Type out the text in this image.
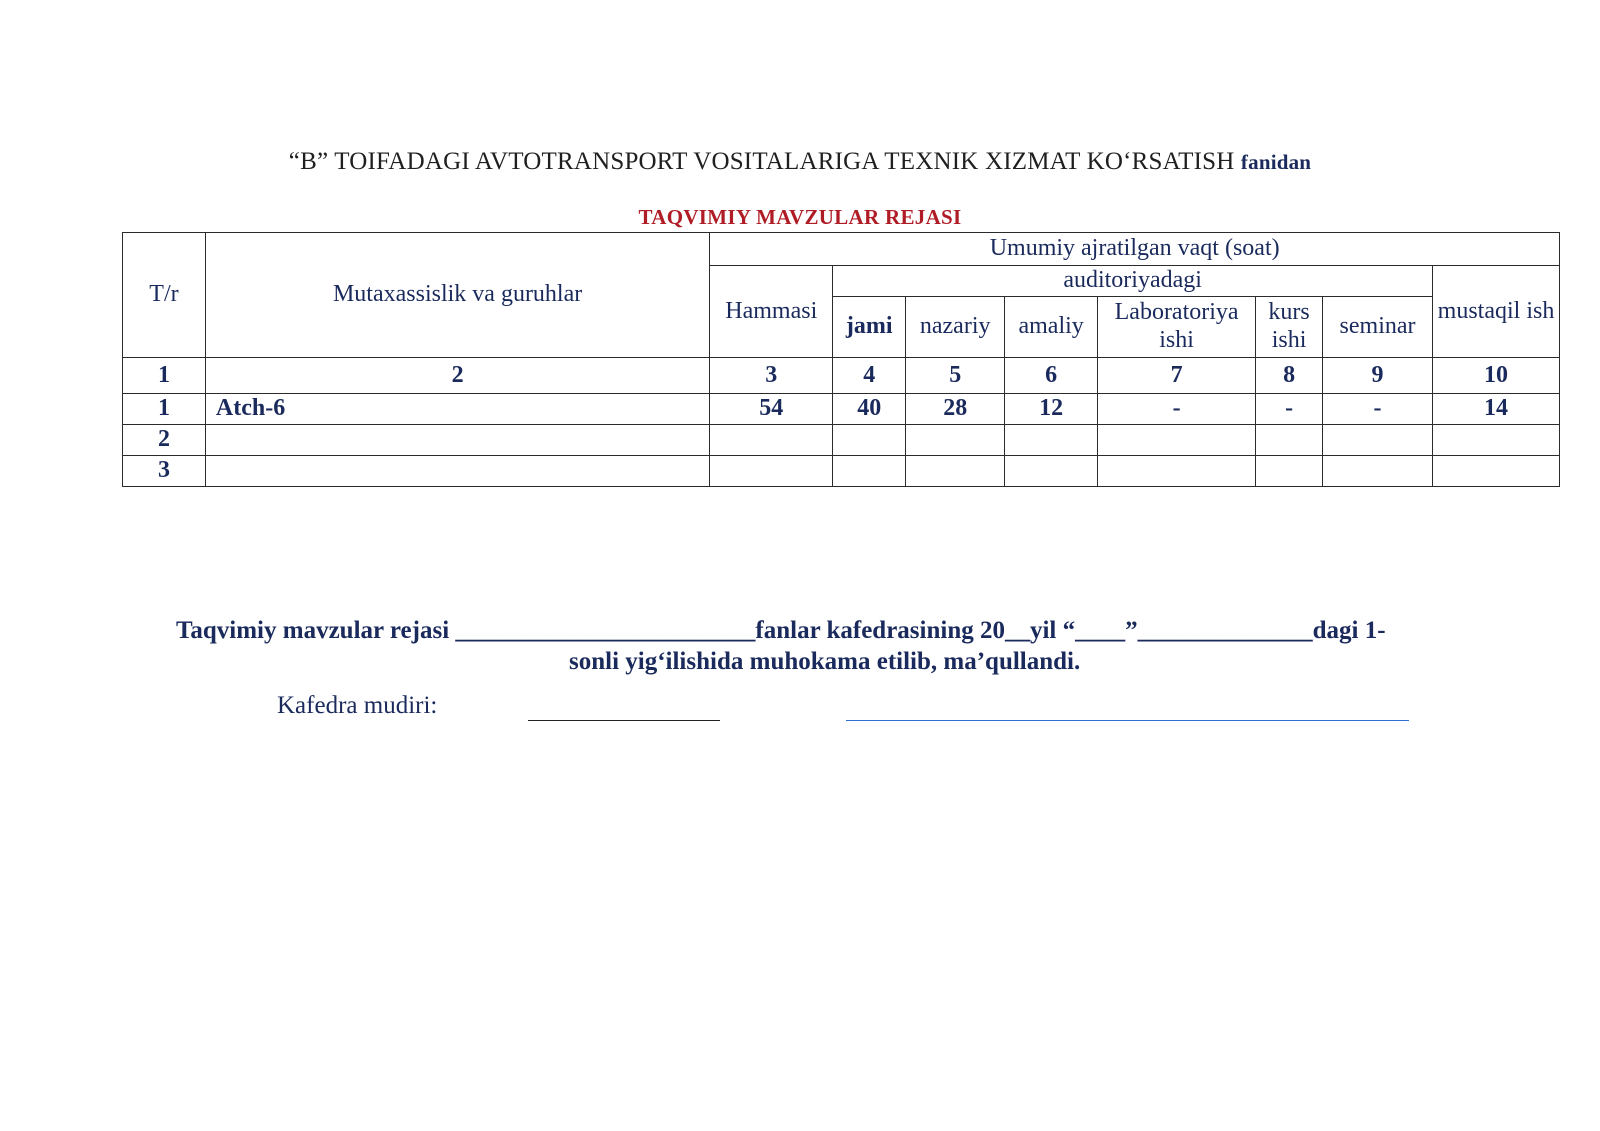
“B” TOIFADAGI AVTOTRANSPORT VOSITALARIGA TEXNIK XIZMAT KO‘RSATISH fanidan
TAQVIMIY MAVZULAR REJASI
T/r	Mutaxassislik va guruhlar	Umumiy ajratilgan vaqt (soat)							
		Hammasi	auditoriyadagi						mustaqil ish
			jami	nazariy	amaliy	Laboratoriya ishi	kurs ishi	seminar	
1	2	3	4	5	6	7	8	9	10
1	Atch-6	54	40	28	12	-	-	-	14
2									
3									
Taqvimiy mavzular rejasi ________________________fanlar kafedrasining 20__yil “____”______________dagi 1-
sonli yig‘ilishida muhokama etilib, ma’qullandi.
Kafedra mudiri:
